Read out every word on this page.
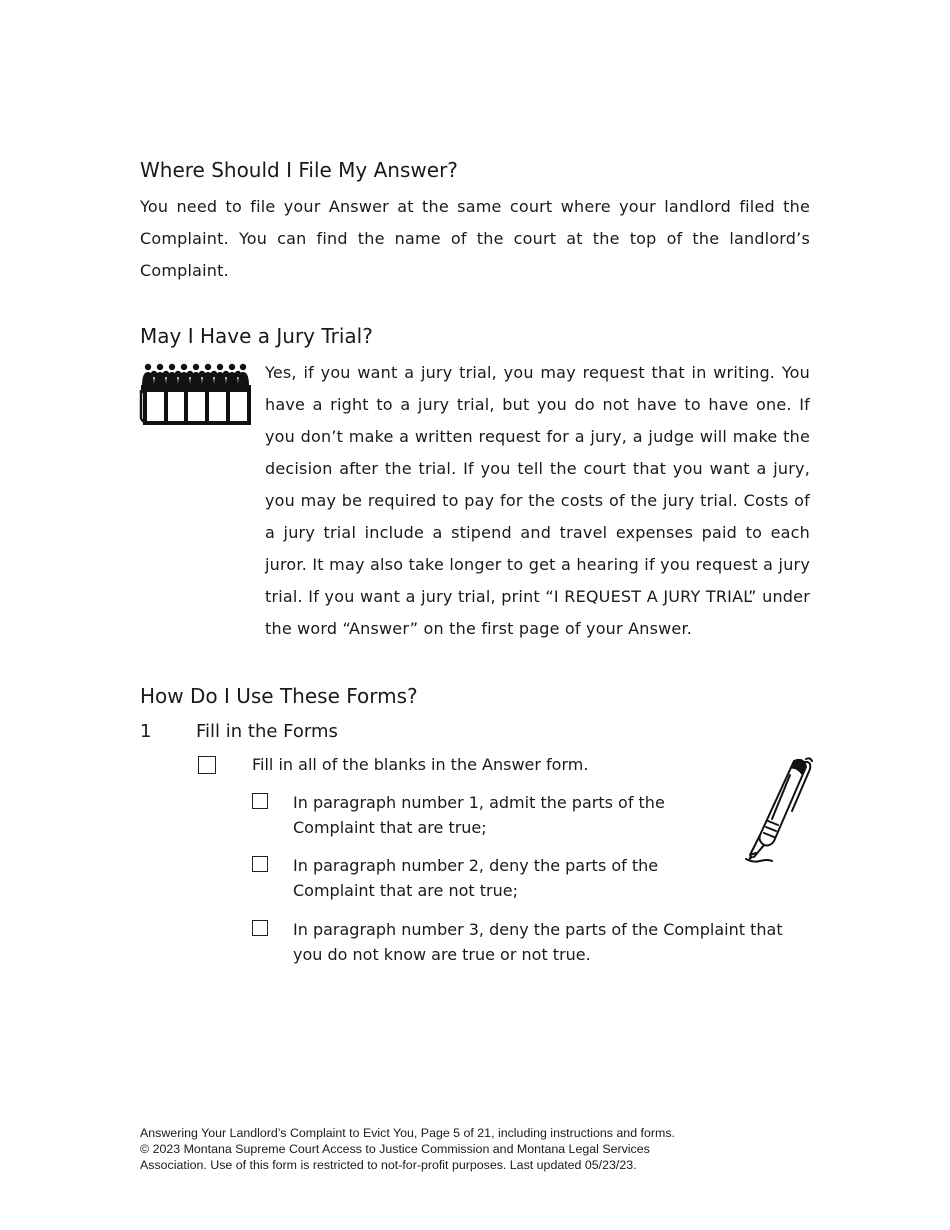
Where Should I File My Answer?

You need to file your Answer at the same court where your landlord filed the Complaint. You can find the name of the court at the top of the landlord’s Complaint.

May I Have a Jury Trial?

Yes, if you want a jury trial, you may request that in writing. You have a right to a jury trial, but you do not have to have one. If you don’t make a written request for a jury, a judge will make the decision after the trial. If you tell the court that you want a jury, you may be required to pay for the costs of the jury trial. Costs of a jury trial include a stipend and travel expenses paid to each juror. It may also take longer to get a hearing if you request a jury trial. If you want a jury trial, print “I REQUEST A JURY TRIAL” under the word “Answer” on the first page of your Answer.

How Do I Use These Forms?
1 Fill in the Forms
Fill in all of the blanks in the Answer form.
In paragraph number 1, admit the parts of the Complaint that are true;
In paragraph number 2, deny the parts of the Complaint that are not true;
In paragraph number 3, deny the parts of the Complaint that you do not know are true or not true.
Answering Your Landlord’s Complaint to Evict You, Page 5 of 21, including instructions and forms.
© 2023 Montana Supreme Court Access to Justice Commission and Montana Legal Services
Association. Use of this form is restricted to not-for-profit purposes. Last updated 05/23/23.
